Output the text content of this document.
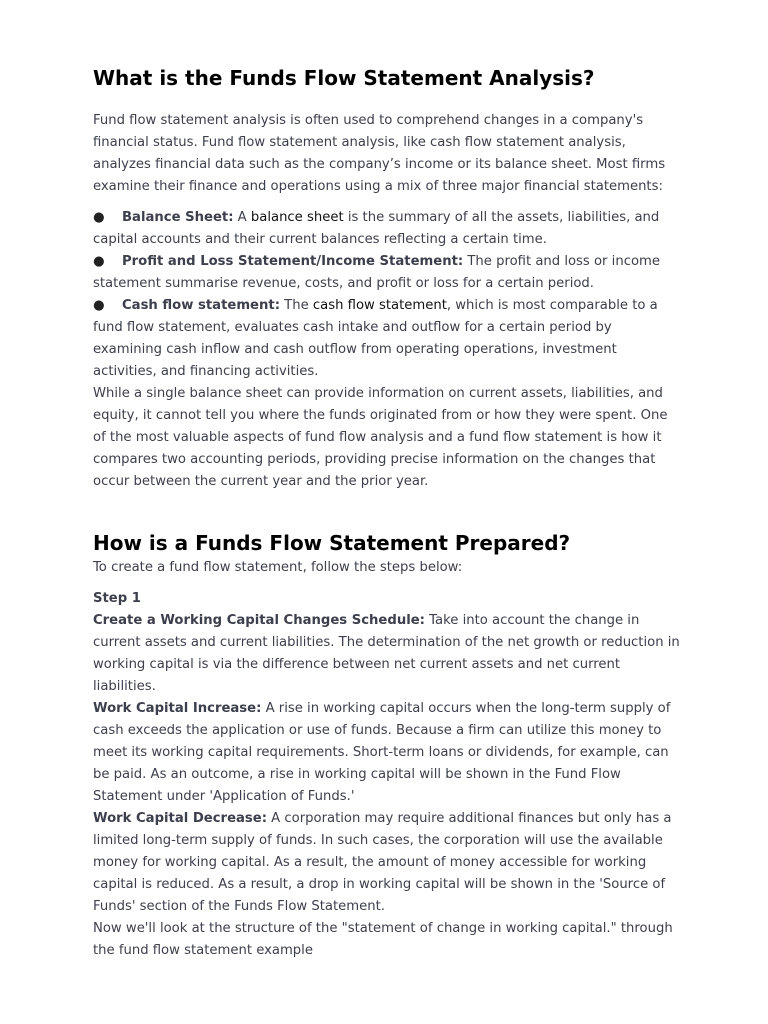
What is the Funds Flow Statement Analysis?

Fund flow statement analysis is often used to comprehend changes in a company's financial status. Fund flow statement analysis, like cash flow statement analysis, analyzes financial data such as the company’s income or its balance sheet. Most firms examine their finance and operations using a mix of three major financial statements:

● Balance Sheet: A balance sheet is the summary of all the assets, liabilities, and capital accounts and their current balances reflecting a certain time.

● Profit and Loss Statement/Income Statement: The profit and loss or income statement summarise revenue, costs, and profit or loss for a certain period.

● Cash flow statement: The cash flow statement, which is most comparable to a fund flow statement, evaluates cash intake and outflow for a certain period by examining cash inflow and cash outflow from operating operations, investment activities, and financing activities.

While a single balance sheet can provide information on current assets, liabilities, and equity, it cannot tell you where the funds originated from or how they were spent. One of the most valuable aspects of fund flow analysis and a fund flow statement is how it compares two accounting periods, providing precise information on the changes that occur between the current year and the prior year.

How is a Funds Flow Statement Prepared?

To create a fund flow statement, follow the steps below:

Step 1

Create a Working Capital Changes Schedule: Take into account the change in current assets and current liabilities. The determination of the net growth or reduction in working capital is via the difference between net current assets and net current liabilities.

Work Capital Increase: A rise in working capital occurs when the long-term supply of cash exceeds the application or use of funds. Because a firm can utilize this money to meet its working capital requirements. Short-term loans or dividends, for example, can be paid. As an outcome, a rise in working capital will be shown in the Fund Flow Statement under 'Application of Funds.'

Work Capital Decrease: A corporation may require additional finances but only has a limited long-term supply of funds. In such cases, the corporation will use the available money for working capital. As a result, the amount of money accessible for working capital is reduced. As a result, a drop in working capital will be shown in the 'Source of Funds' section of the Funds Flow Statement.

Now we'll look at the structure of the "statement of change in working capital." through the fund flow statement example
